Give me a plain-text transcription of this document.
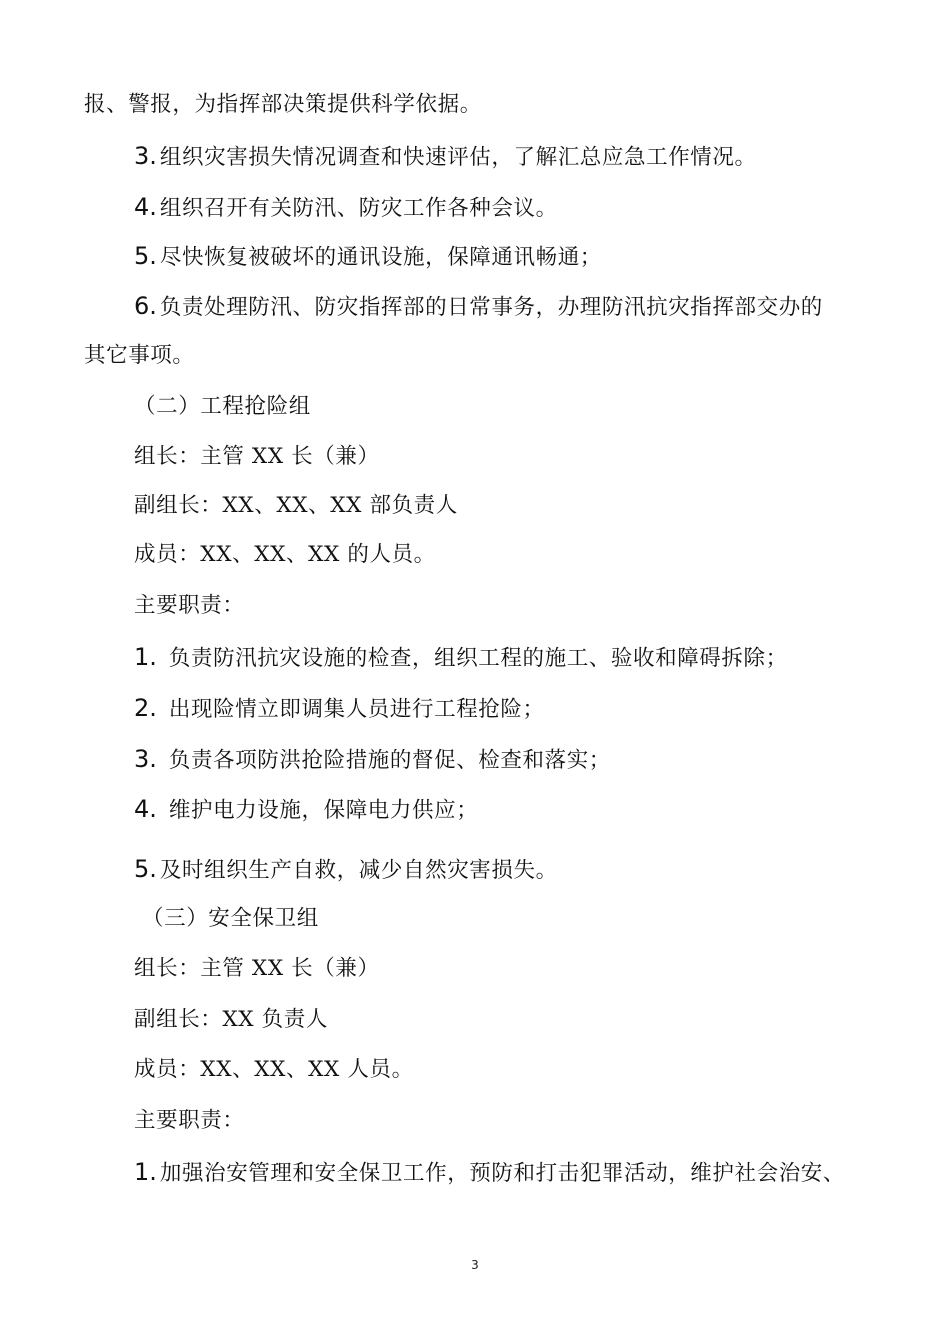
报、警报，为指挥部决策提供科学依据。
3. 组织灾害损失情况调查和快速评估，了解汇总应急工作情况。
4. 组织召开有关防汛、防灾工作各种会议。
5. 尽快恢复被破坏的通讯设施，保障通讯畅通；
6. 负责处理防汛、防灾指挥部的日常事务，办理防汛抗灾指挥部交办的
其它事项。
（二）工程抢险组
组长：主管 XX 长（兼）
副组长：XX、XX、XX 部负责人
成员：XX、XX、XX 的人员。
主要职责：
1. 负责防汛抗灾设施的检查，组织工程的施工、验收和障碍拆除；
2. 出现险情立即调集人员进行工程抢险；
3. 负责各项防洪抢险措施的督促、检查和落实；
4. 维护电力设施，保障电力供应；
5. 及时组织生产自救，减少自然灾害损失。
（三）安全保卫组
组长：主管 XX 长（兼）
副组长：XX 负责人
成员：XX、XX、XX 人员。
主要职责：
1. 加强治安管理和安全保卫工作，预防和打击犯罪活动，维护社会治安、
3
